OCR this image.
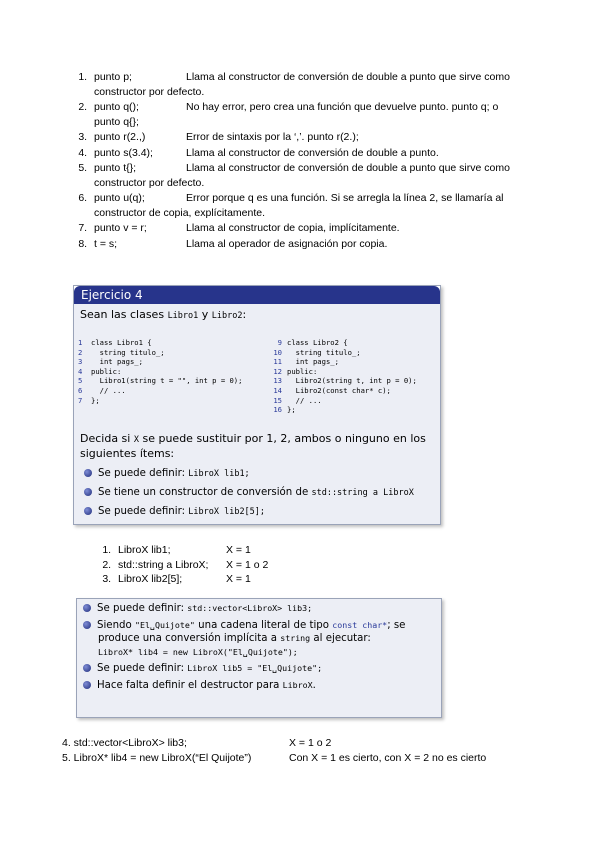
1. punto p;	Llama al constructor de conversión de double a punto que sirve como
constructor por defecto.
2. punto q();	No hay error, pero crea una función que devuelve punto. punto q; o
punto q{};
3. punto r(2.,)	Error de sintaxis por la ‘,’. punto r(2.);
4. punto s(3.4);	Llama al constructor de conversión de double a punto.
5. punto t{};	Llama al constructor de conversión de double a punto que sirve como
constructor por defecto.
6. punto u(q);	Error porque q es una función. Si se arregla la línea 2, se llamaría al
constructor de copia, explícitamente.
7. punto v = r;	Llama al constructor de copia, implícitamente.
8. t = s;	Llama al operador de asignación por copia.
Ejercicio 4
Sean las clases Libro1 y Libro2:
1 class Libro1 {
2  string titulo_;
3  int pags_;
4 public:
5  Libro1(string t = "", int p = 0);
6  // ...
7 };
9 class Libro2 {
10  string titulo_;
11  int pags_;
12 public:
13  Libro2(string t, int p = 0);
14  Libro2(const char* c);
15  // ...
16 };
Decida si X se puede sustituir por 1, 2, ambos o ninguno en los siguientes ítems:
Se puede definir: LibroX lib1;
Se tiene un constructor de conversión de std::string a LibroX
Se puede definir: LibroX lib2[5];
1. LibroX lib1;	X = 1
2. std::string a LibroX; X = 1 o 2
3. LibroX lib2[5];	X = 1
Se puede definir: std::vector<LibroX> lib3;
Siendo "El␣Quijote" una cadena literal de tipo const char*; se
produce una conversión implícita a string al ejecutar:
LibroX* lib4 = new LibroX("El␣Quijote");
Se puede definir: LibroX lib5 = "El␣Quijote";
Hace falta definir el destructor para LibroX.
4. std::vector<LibroX> lib3;	X = 1 o 2
5. LibroX* lib4 = new LibroX(“El Quijote”)	Con X = 1 es cierto, con X = 2 no es cierto
